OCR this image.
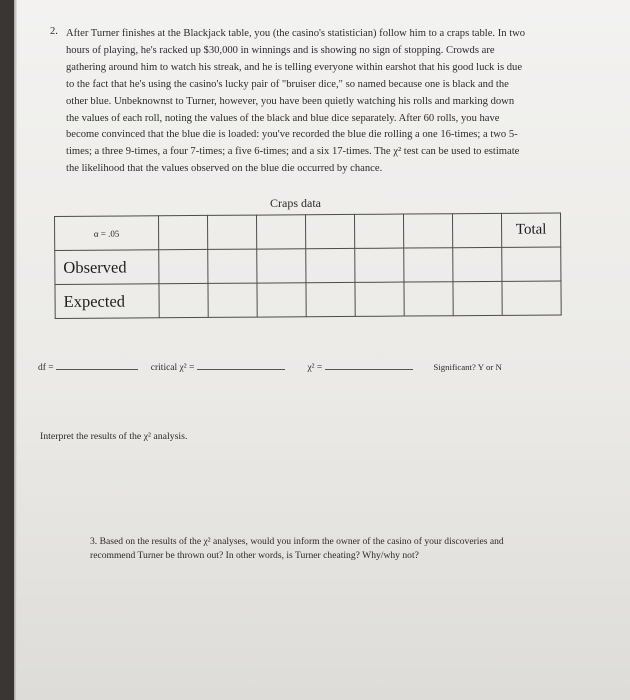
2. After Turner finishes at the Blackjack table, you (the casino's statistician) follow him to a craps table. In two
hours of playing, he's racked up $30,000 in winnings and is showing no sign of stopping. Crowds are
gathering around him to watch his streak, and he is telling everyone within earshot that his good luck is due
to the fact that he's using the casino's lucky pair of "bruiser dice," so named because one is black and the
other blue. Unbeknownst to Turner, however, you have been quietly watching his rolls and marking down
the values of each roll, noting the values of the black and blue dice separately. After 60 rolls, you have
become convinced that the blue die is loaded: you've recorded the blue die rolling a one 16-times; a two 5-
times; a three 9-times, a four 7-times; a five 6-times; and a six 17-times. The χ² test can be used to estimate
the likelihood that the values observed on the blue die occurred by chance.
Craps data
α = .05								Total
Observed								
Expected								
df =	critical χ² =	χ² =	Significant? Y or N
Interpret the results of the χ² analysis.
3. Based on the results of the χ² analyses, would you inform the owner of the casino of your discoveries and
recommend Turner be thrown out? In other words, is Turner cheating? Why/why not?
